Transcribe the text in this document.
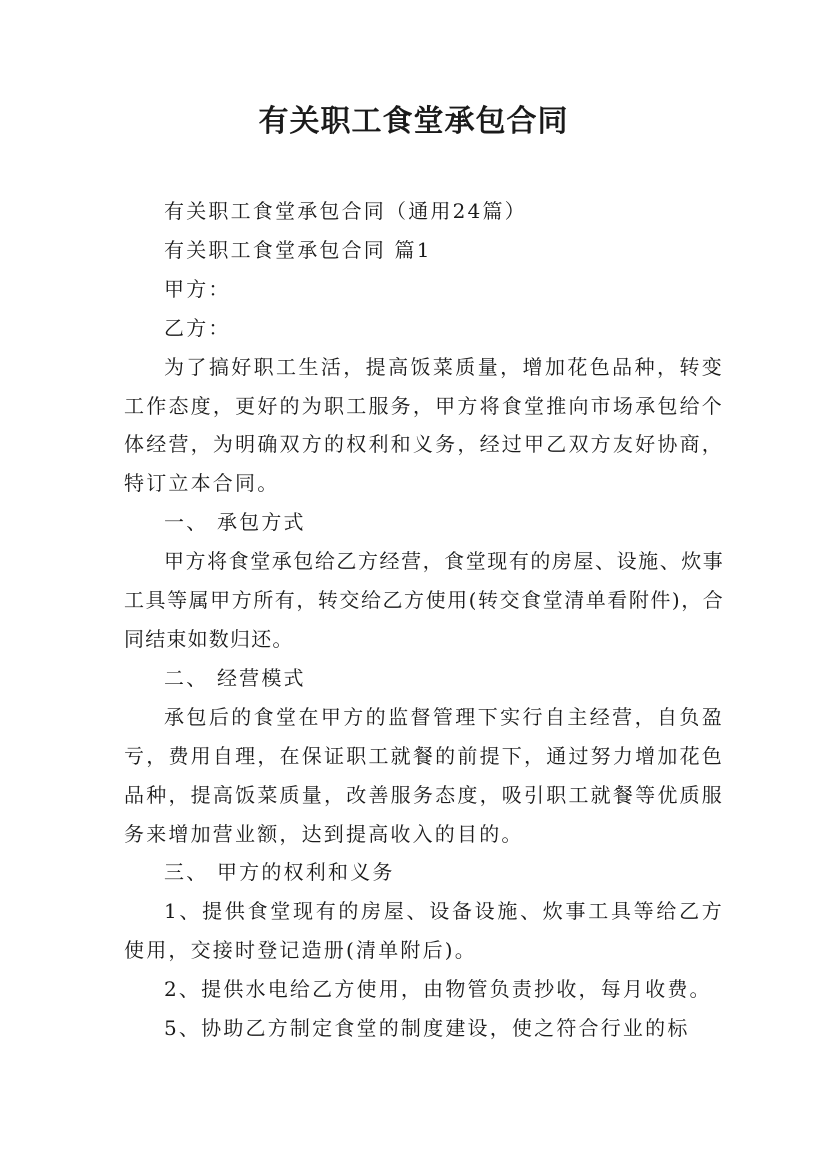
有关职工食堂承包合同

有关职工食堂承包合同（通用24篇）

有关职工食堂承包合同 篇1

甲方：

乙方：

为了搞好职工生活，提高饭菜质量，增加花色品种，转变工作态度，更好的为职工服务，甲方将食堂推向市场承包给个体经营，为明确双方的权利和义务，经过甲乙双方友好协商，特订立本合同。

一、 承包方式

甲方将食堂承包给乙方经营，食堂现有的房屋、设施、炊事工具等属甲方所有，转交给乙方使用(转交食堂清单看附件)，合同结束如数归还。

二、 经营模式

承包后的食堂在甲方的监督管理下实行自主经营，自负盈亏，费用自理，在保证职工就餐的前提下，通过努力增加花色品种，提高饭菜质量，改善服务态度，吸引职工就餐等优质服务来增加营业额，达到提高收入的目的。

三、 甲方的权利和义务

1、提供食堂现有的房屋、设备设施、炊事工具等给乙方使用，交接时登记造册(清单附后)。

2、提供水电给乙方使用，由物管负责抄收，每月收费。

5、协助乙方制定食堂的制度建设，使之符合行业的标
